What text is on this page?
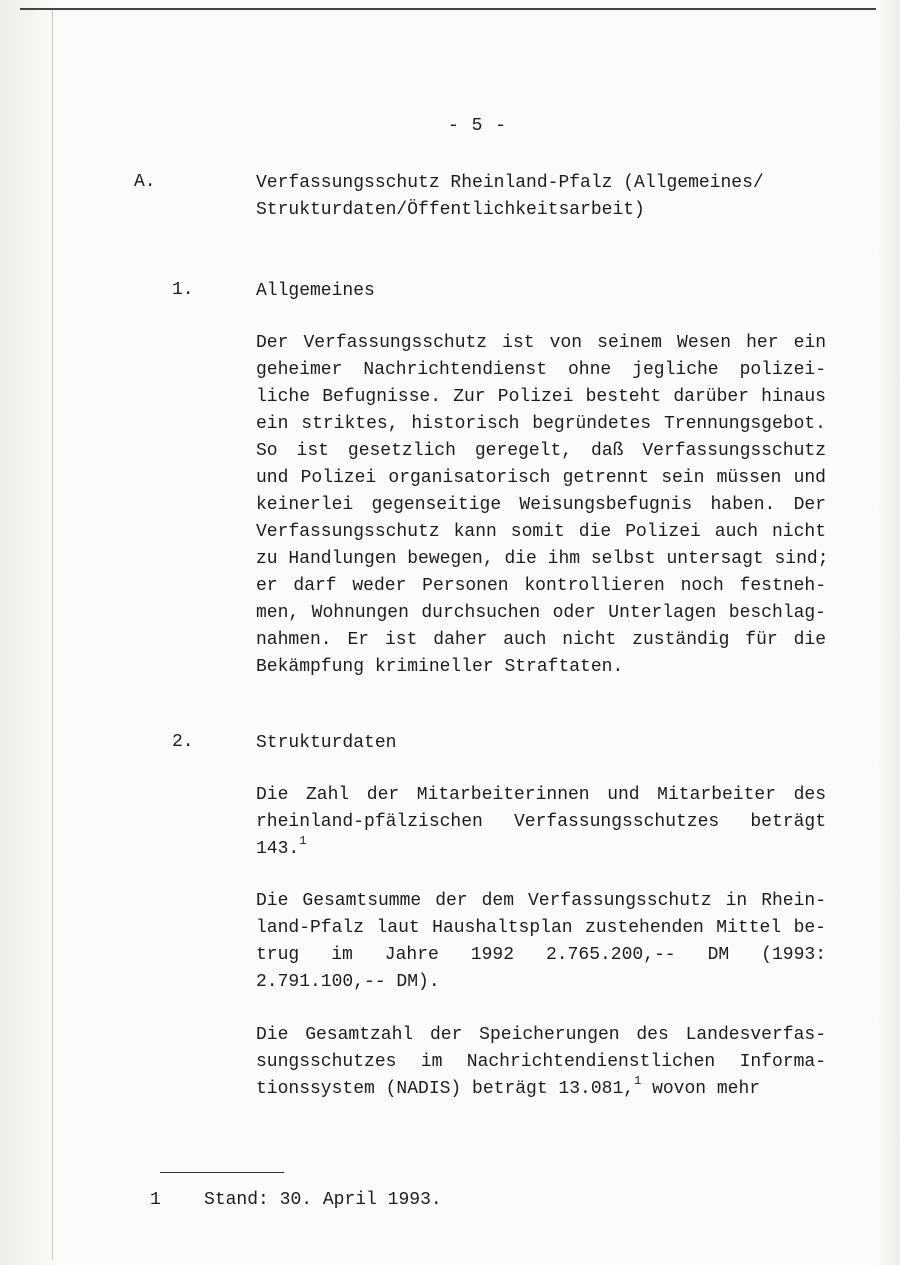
- 5 -
A.	Verfassungsschutz Rheinland-Pfalz (Allgemeines/
Strukturdaten/Öffentlichkeitsarbeit)
1.	Allgemeines
Der Verfassungsschutz ist von seinem Wesen her ein
geheimer Nachrichtendienst ohne jegliche polizei-
liche Befugnisse. Zur Polizei besteht darüber hinaus
ein striktes, historisch begründetes Trennungsgebot.
So ist gesetzlich geregelt, daß Verfassungsschutz
und Polizei organisatorisch getrennt sein müssen und
keinerlei gegenseitige Weisungsbefugnis haben. Der
Verfassungsschutz kann somit die Polizei auch nicht
zu Handlungen bewegen, die ihm selbst untersagt sind;
er darf weder Personen kontrollieren noch festneh-
men, Wohnungen durchsuchen oder Unterlagen beschlag-
nahmen. Er ist daher auch nicht zuständig für die
Bekämpfung krimineller Straftaten.
2.	Strukturdaten
Die Zahl der Mitarbeiterinnen und Mitarbeiter des
rheinland-pfälzischen Verfassungsschutzes beträgt
143.$^1$
Die Gesamtsumme der dem Verfassungsschutz in Rhein-
land-Pfalz laut Haushaltsplan zustehenden Mittel be-
trug im Jahre 1992 2.765.200,-- DM (1993:
2.791.100,-- DM).
Die Gesamtzahl der Speicherungen des Landesverfas-
sungsschutzes im Nachrichtendienstlichen Informa-
tionssystem (NADIS) beträgt 13.081,$^1$ wovon mehr
1 Stand: 30. April 1993.
